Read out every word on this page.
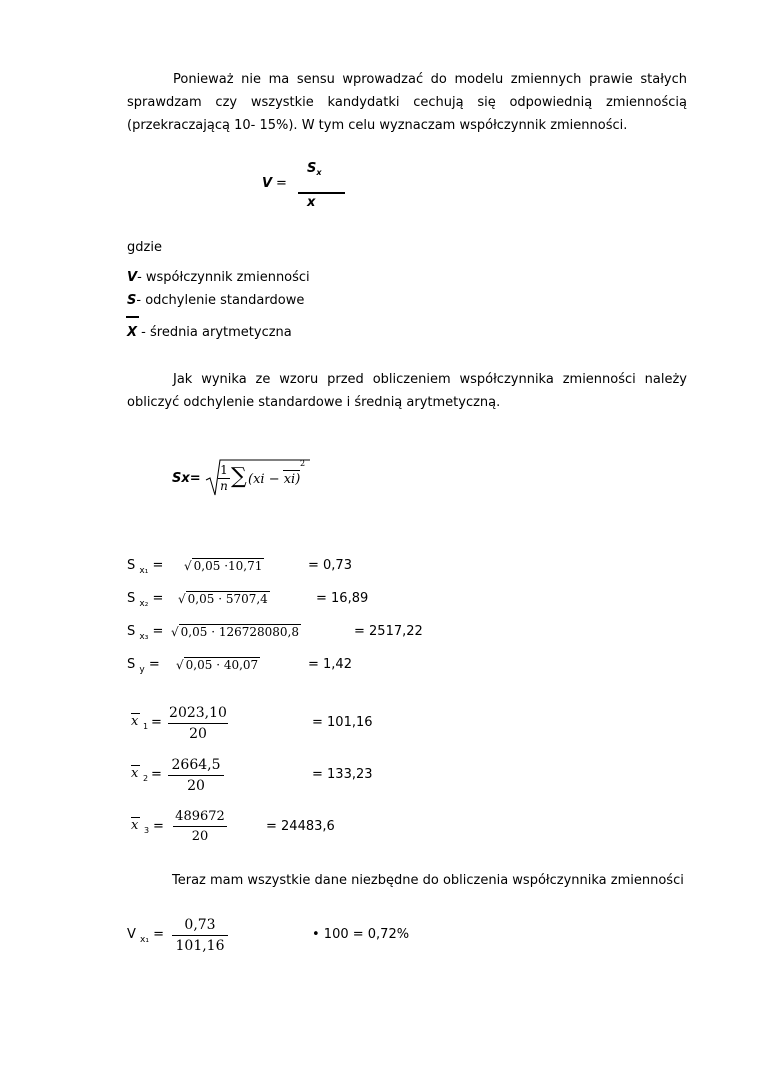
Ponieważ nie ma sensu wprowadzać do modelu zmiennych prawie stałych sprawdzam czy wszystkie kandydatki cechują się odpowiednią zmiennością (przekraczającą 10- 15%). W tym celu wyznaczam współczynnik zmienności.
V =
$S_x$
x
gdzie
V- współczynnik zmienności
S- odchylenie standardowe
X - średnia arytmetyczna
Jak wynika ze wzoru przed obliczeniem współczynnika zmienności należy obliczyć odchylenie standardowe i średnią arytmetyczną.
Sx=
1
n ∑ (xi − xi)
2
S $_{x_1}$ = √ 0,05 ·10,71	= 0,73
S $_{x_2}$ = √ 0,05 · 5707,4	= 16,89
S $_{x_3}$ = √ 0,05 · 126728080,8	= 2517,22
S $_y$ = √ 0,05 · 40,07	= 1,42
x 1 =
2023,10
20
= 101,16
x 2 =
2664,5
20
= 133,23
x 3 =
489672
20
= 24483,6
Teraz mam wszystkie dane niezbędne do obliczenia współczynnika zmienności
V $_{x_1}$ =
0,73
101,16
• 100 = 0,72%
